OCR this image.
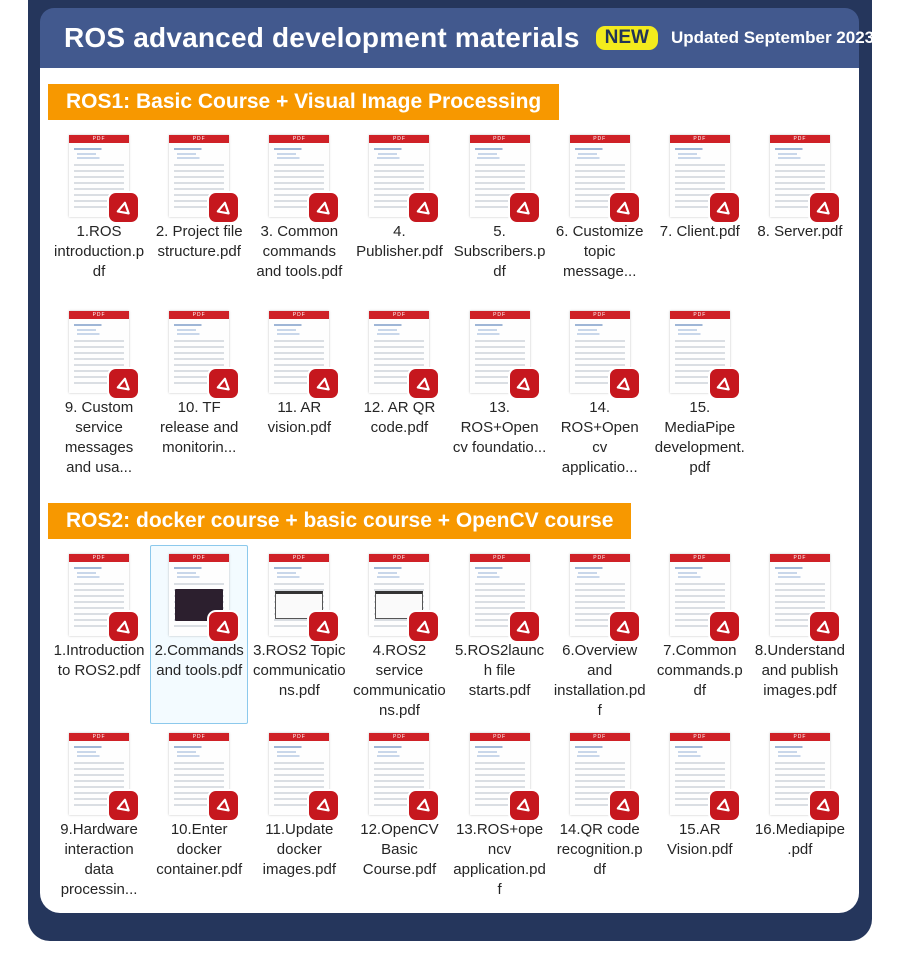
ROS advanced development materials	NEW	Updated September 2023
ROS1: Basic Course + Visual Image Processing
PDF
1.ROS introduction.pdf
PDF
2. Project file structure.pdf
PDF
3. Common commands and tools.pdf
PDF
4. Publisher.pdf
PDF
5. Subscribers.pdf
PDF
6. Customize topic message...
PDF
7. Client.pdf
PDF
8. Server.pdf
PDF
9. Custom service messages and usa...
PDF
10. TF release and monitorin...
PDF
11. AR vision.pdf
PDF
12. AR QR code.pdf
PDF
13. ROS+Open cv foundatio...
PDF
14. ROS+Open cv applicatio...
PDF
15. MediaPipe development.pdf
ROS2: docker course + basic course + OpenCV course
PDF
1.Introduction to ROS2.pdf
PDF
2.Commands and tools.pdf
PDF
3.ROS2 Topic communications.pdf
PDF
4.ROS2 service communications.pdf
PDF
5.ROS2launch file starts.pdf
PDF
6.Overview and installation.pdf
PDF
7.Common commands.pdf
PDF
8.Understand and publish images.pdf
PDF
9.Hardware interaction data processin...
PDF
10.Enter docker container.pdf
PDF
11.Update docker images.pdf
PDF
12.OpenCV Basic Course.pdf
PDF
13.ROS+opencv application.pdf
PDF
14.QR code recognition.pdf
PDF
15.AR Vision.pdf
PDF
16.Mediapipe.pdf
